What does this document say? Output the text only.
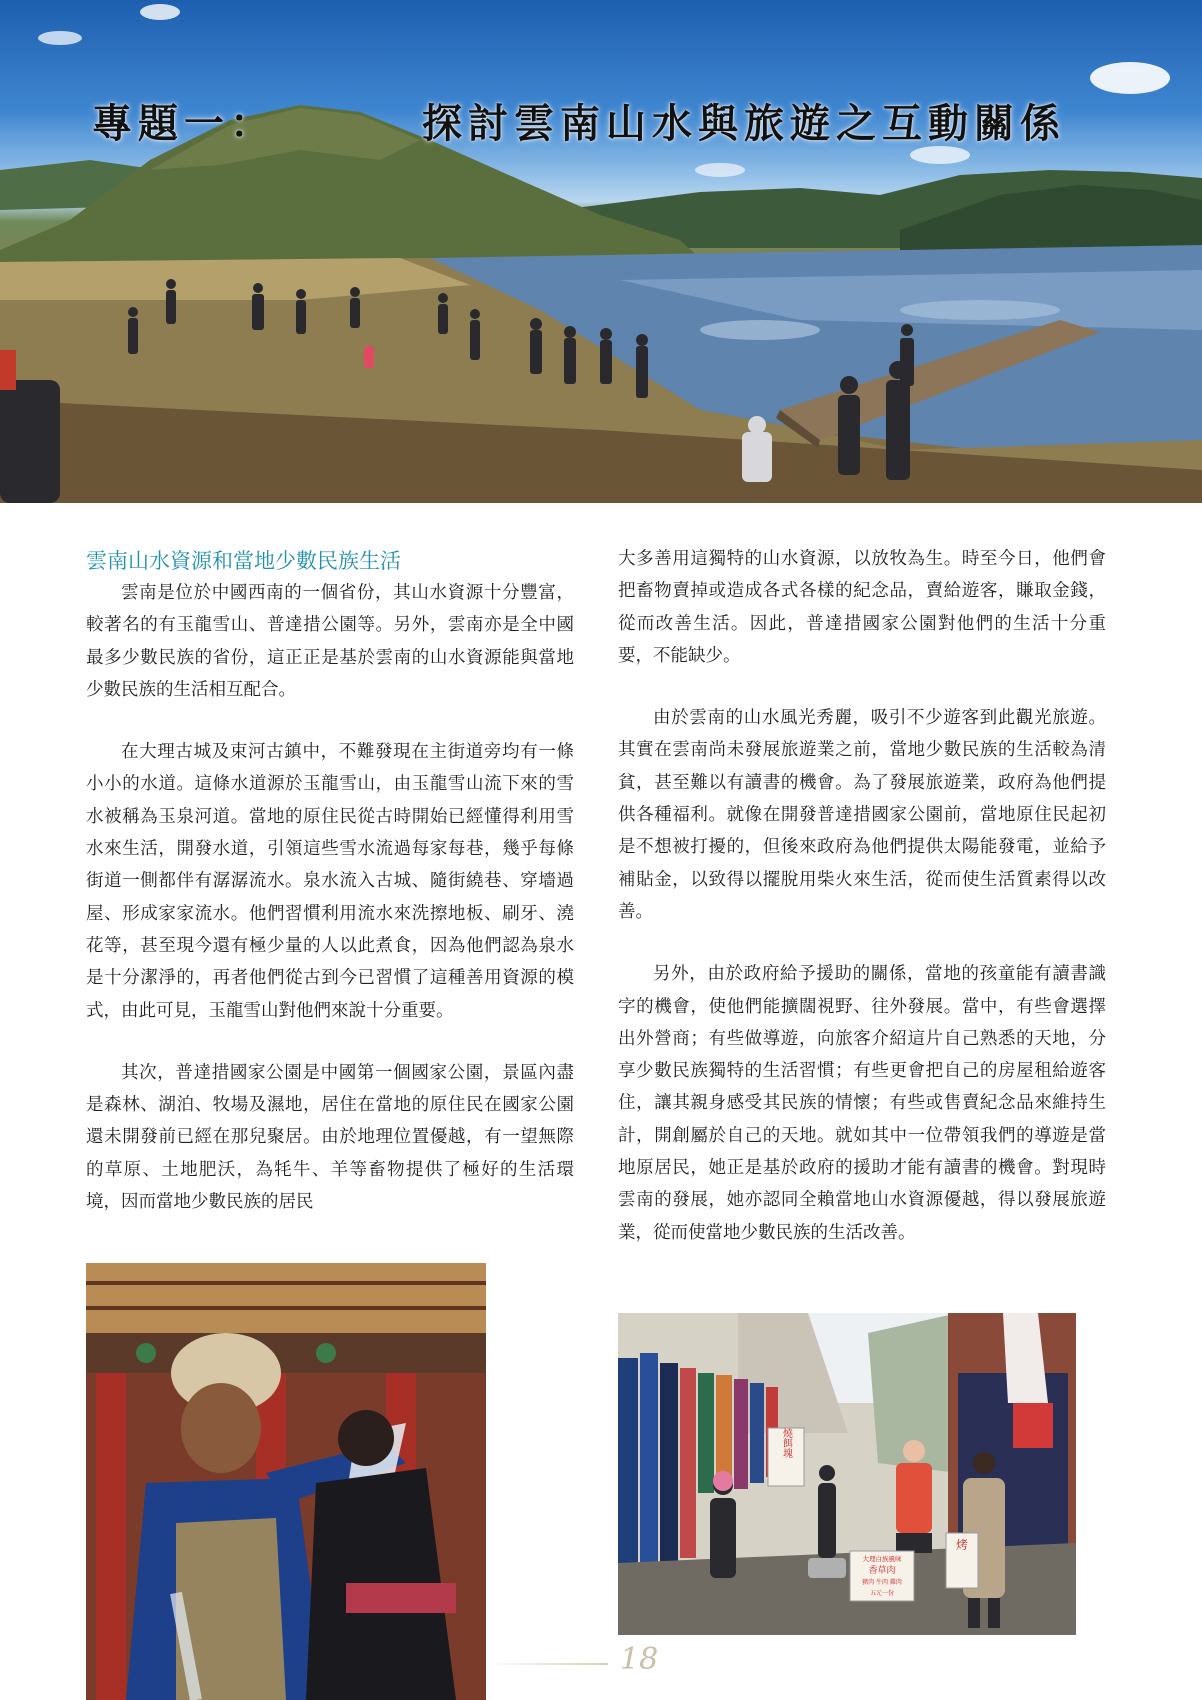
專題一：	探討雲南山水與旅遊之互動關係
雲南山水資源和當地少數民族生活

雲南是位於中國西南的一個省份，其山水資源十分豐富，較著名的有玉龍雪山、普達措公園等。另外，雲南亦是全中國最多少數民族的省份，這正正是基於雲南的山水資源能與當地少數民族的生活相互配合。

在大理古城及束河古鎮中，不難發現在主街道旁均有一條小小的水道。這條水道源於玉龍雪山，由玉龍雪山流下來的雪水被稱為玉泉河道。當地的原住民從古時開始已經懂得利用雪水來生活，開發水道，引領這些雪水流過每家每巷，幾乎每條街道一側都伴有潺潺流水。泉水流入古城、隨街繞巷、穿墻過屋、形成家家流水。他們習慣利用流水來洗擦地板、刷牙、澆花等，甚至現今還有極少量的人以此煮食，因為他們認為泉水是十分潔淨的，再者他們從古到今已習慣了這種善用資源的模式，由此可見，玉龍雪山對他們來說十分重要。

其次，普達措國家公園是中國第一個國家公園，景區內盡是森林、湖泊、牧場及濕地，居住在當地的原住民在國家公園還未開發前已經在那兒聚居。由於地理位置優越，有一望無際的草原、土地肥沃，為牦牛、羊等畜物提供了極好的生活環境，因而當地少數民族的居民

大多善用這獨特的山水資源，以放牧為生。時至今日，他們會把畜物賣掉或造成各式各樣的紀念品，賣給遊客，賺取金錢，從而改善生活。因此，普達措國家公園對他們的生活十分重要，不能缺少。

由於雲南的山水風光秀麗，吸引不少遊客到此觀光旅遊。其實在雲南尚未發展旅遊業之前，當地少數民族的生活較為清貧，甚至難以有讀書的機會。為了發展旅遊業，政府為他們提供各種福利。就像在開發普達措國家公園前，當地原住民起初是不想被打擾的，但後來政府為他們提供太陽能發電，並給予補貼金，以致得以擺脫用柴火來生活，從而使生活質素得以改善。

另外，由於政府給予援助的關係，當地的孩童能有讀書識字的機會，使他們能擴闊視野、往外發展。當中，有些會選擇出外營商；有些做導遊，向旅客介紹這片自己熟悉的天地，分享少數民族獨特的生活習慣；有些更會把自己的房屋租給遊客住，讓其親身感受其民族的情懷；有些或售賣紀念品來維持生計，開創屬於自己的天地。就如其中一位帶領我們的導遊是當地原居民，她正是基於政府的援助才能有讀書的機會。對現時雲南的發展，她亦認同全賴當地山水資源優越，得以發展旅遊業，從而使當地少數民族的生活改善。

燒餌塊
大理白族風味
香草肉
豬肉 牛肉 雞肉
五元一份
烤
18
